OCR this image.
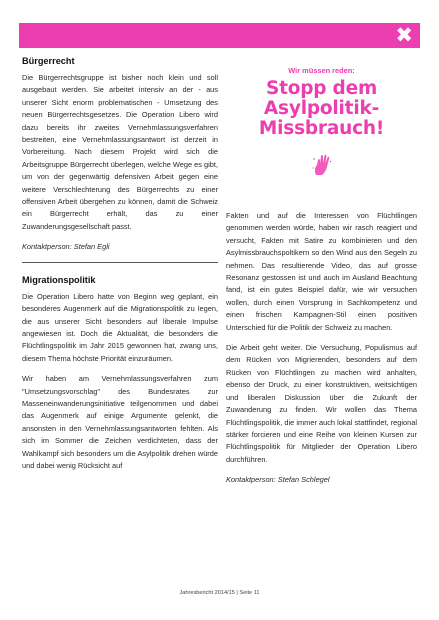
✖
Bürgerrecht

Die Bürgerrechtsgruppe ist bisher noch klein und soll ausgebaut werden. Sie arbeitet intensiv an der - aus unserer Sicht enorm problematischen - Umsetzung des neuen Bürgerrechtsgesetzes. Die Operation Libero wird dazu bereits ihr zweites Vernehmlassungsverfahren bestreiten, eine Vernehmlassungsantwort ist derzeit in Vorbereitung. Nach diesem Projekt wird sich die Arbeitsgruppe Bürgerrecht überlegen, welche Wege es gibt, um von der gegenwärtig defensiven Arbeit gegen eine weitere Verschlechterung des Bürgerrechts zu einer offensiven Arbeit übergehen zu können, damit die Schweiz ein Bürgerrecht erhält, das zu einer Zuwanderungsgesellschaft passt.

Kontaktperson: Stefan Egli

Migrationspolitik

Die Operation Libero hatte von Beginn weg geplant, ein besonderes Augenmerk auf die Migrationspolitik zu legen, die aus unserer Sicht besonders auf liberale Impulse angewiesen ist. Doch die Aktualität, die besonders die Flüchtlingspolitik im Jahr 2015 gewonnen hat, zwang uns, diesem Thema höchste Priorität einzuräumen.

Wir haben am Vernehmlassungsverfahren zum "Umsetzungsvorschlag" des Bundesrates zur Masseneinwanderungsinitiative teilgenommen und dabei das Augenmerk auf einige Argumente gelenkt, die ansonsten in den Vernehmlassungsantworten fehlten. Als sich im Sommer die Zeichen verdichteten, dass der Wahlkampf sich besonders um die Asylpolitik drehen würde und dabei wenig Rücksicht auf

Wir müssen reden:
Stopp dem
Asylpolitik-
Missbrauch!

Fakten und auf die Interessen von Flüchtlingen genommen werden würde, haben wir rasch reagiert und versucht, Fakten mit Satire zu kombinieren und den Asylmissbrauchspoltikern so den Wind aus den Segeln zu nehmen. Das resultierende Video, das auf grosse Resonanz gestossen ist und auch im Ausland Beachtung fand, ist ein gutes Beispiel dafür, wie wir versuchen wollen, durch einen Vorsprung in Sachkompetenz und einen frischen Kampagnen-Stil einen positiven Unterschied für die Politik der Schweiz zu machen.

Die Arbeit geht weiter. Die Versuchung, Populismus auf dem Rücken von Migrierenden, besonders auf dem Rücken von Flüchtlingen zu machen wird anhalten, ebenso der Druck, zu einer konstruktiven, weitsichtigen und liberalen Diskussion über die Zukunft der Zuwanderung zu finden. Wir wollen das Thema Flüchtlingspolitik, die immer auch lokal stattfindet, regional stärker forcieren und eine Reihe von kleinen Kursen zur Flüchtlingspolitik für Mitglieder der Operation Libero durchführen.

Kontaktperson: Stefan Schlegel

Jahresbericht 2014/15 | Seite 11
